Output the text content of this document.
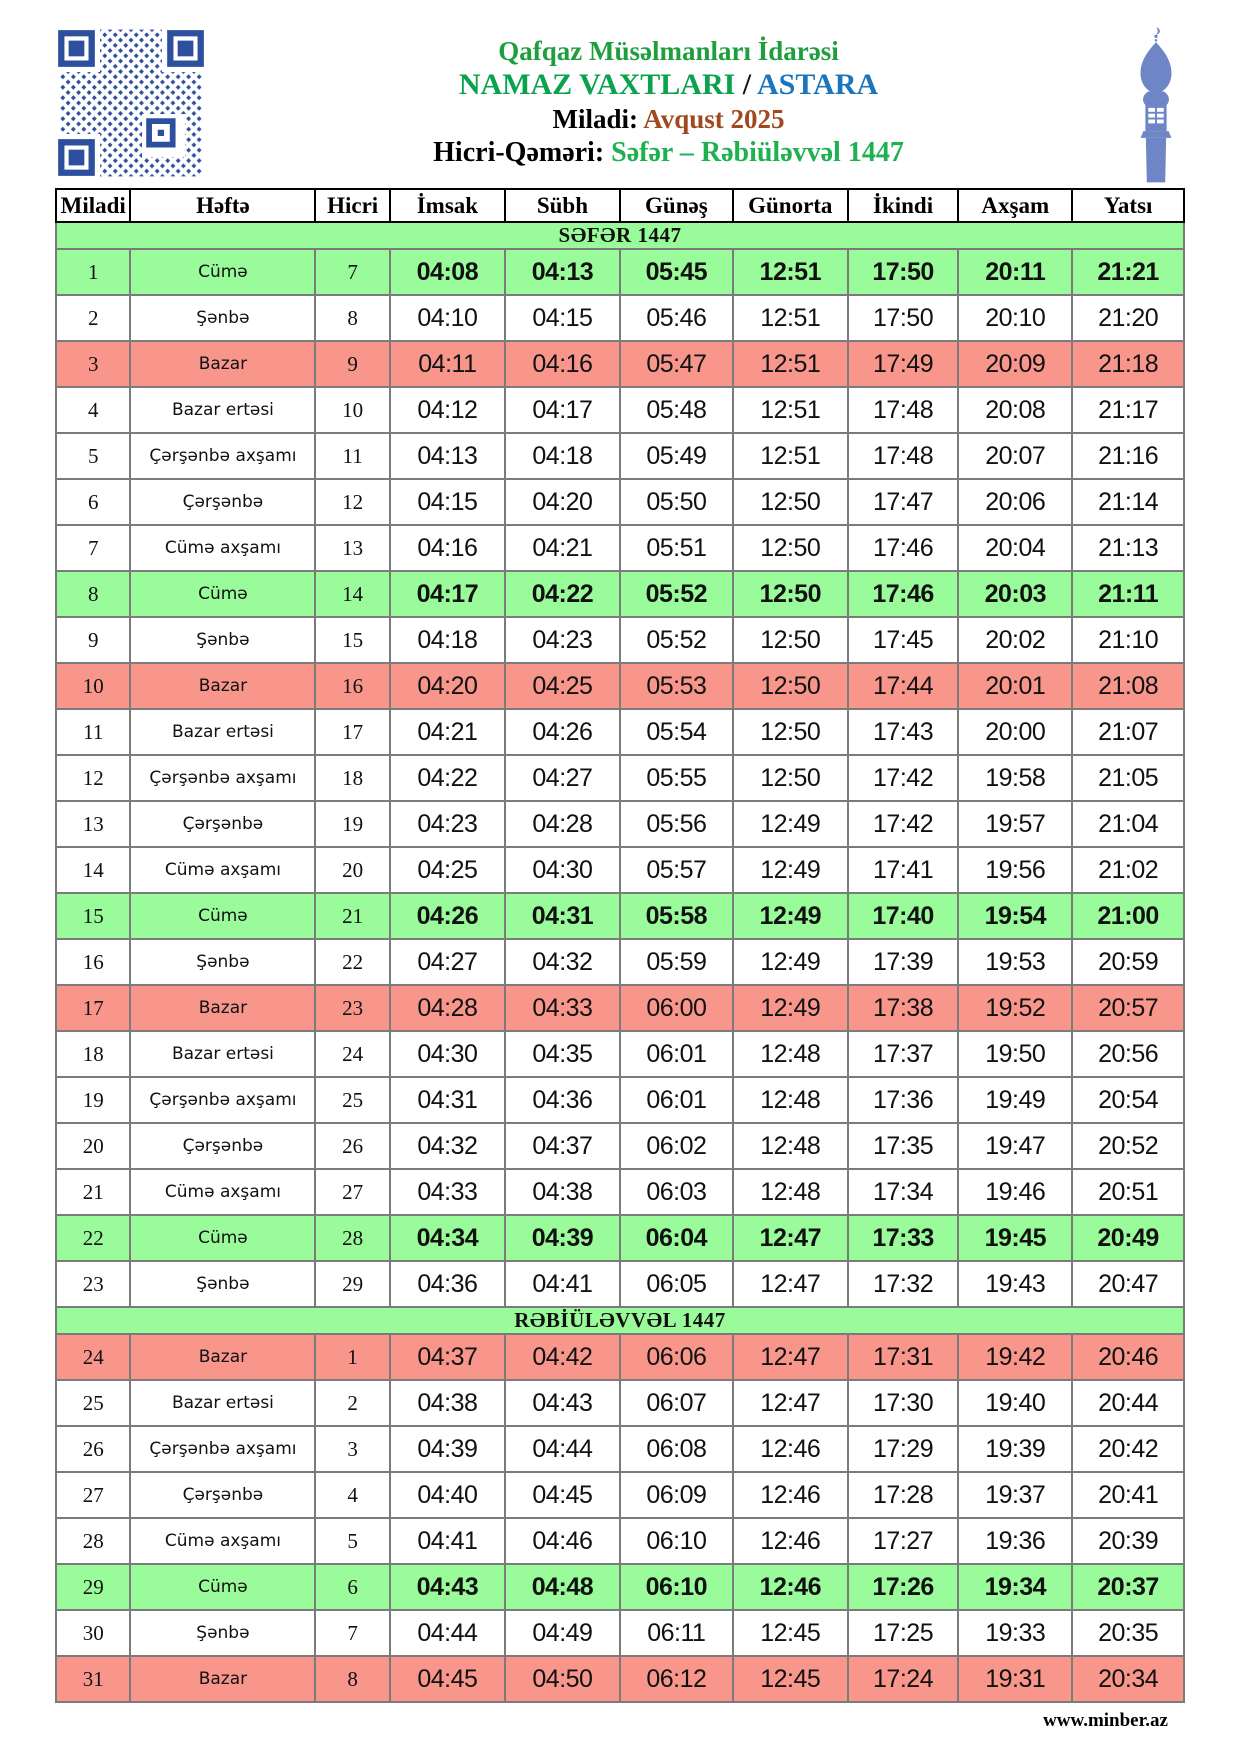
Qafqaz Müsəlmanları İdarəsi
NAMAZ VAXTLARI / ASTARA
Miladi: Avqust 2025
Hicri-Qəməri: Səfər – Rəbiüləvvəl 1447
Miladi	Həftə	Hicri	İmsak	Sübh	Günəş	Günorta	İkindi	Axşam	Yatsı
SƏFƏR 1447									
1	Cümə	7	04:08	04:13	05:45	12:51	17:50	20:11	21:21
2	Şənbə	8	04:10	04:15	05:46	12:51	17:50	20:10	21:20
3	Bazar	9	04:11	04:16	05:47	12:51	17:49	20:09	21:18
4	Bazar ertəsi	10	04:12	04:17	05:48	12:51	17:48	20:08	21:17
5	Çərşənbə axşamı	11	04:13	04:18	05:49	12:51	17:48	20:07	21:16
6	Çərşənbə	12	04:15	04:20	05:50	12:50	17:47	20:06	21:14
7	Cümə axşamı	13	04:16	04:21	05:51	12:50	17:46	20:04	21:13
8	Cümə	14	04:17	04:22	05:52	12:50	17:46	20:03	21:11
9	Şənbə	15	04:18	04:23	05:52	12:50	17:45	20:02	21:10
10	Bazar	16	04:20	04:25	05:53	12:50	17:44	20:01	21:08
11	Bazar ertəsi	17	04:21	04:26	05:54	12:50	17:43	20:00	21:07
12	Çərşənbə axşamı	18	04:22	04:27	05:55	12:50	17:42	19:58	21:05
13	Çərşənbə	19	04:23	04:28	05:56	12:49	17:42	19:57	21:04
14	Cümə axşamı	20	04:25	04:30	05:57	12:49	17:41	19:56	21:02
15	Cümə	21	04:26	04:31	05:58	12:49	17:40	19:54	21:00
16	Şənbə	22	04:27	04:32	05:59	12:49	17:39	19:53	20:59
17	Bazar	23	04:28	04:33	06:00	12:49	17:38	19:52	20:57
18	Bazar ertəsi	24	04:30	04:35	06:01	12:48	17:37	19:50	20:56
19	Çərşənbə axşamı	25	04:31	04:36	06:01	12:48	17:36	19:49	20:54
20	Çərşənbə	26	04:32	04:37	06:02	12:48	17:35	19:47	20:52
21	Cümə axşamı	27	04:33	04:38	06:03	12:48	17:34	19:46	20:51
22	Cümə	28	04:34	04:39	06:04	12:47	17:33	19:45	20:49
23	Şənbə	29	04:36	04:41	06:05	12:47	17:32	19:43	20:47
RƏBİÜLƏVVƏL 1447									
24	Bazar	1	04:37	04:42	06:06	12:47	17:31	19:42	20:46
25	Bazar ertəsi	2	04:38	04:43	06:07	12:47	17:30	19:40	20:44
26	Çərşənbə axşamı	3	04:39	04:44	06:08	12:46	17:29	19:39	20:42
27	Çərşənbə	4	04:40	04:45	06:09	12:46	17:28	19:37	20:41
28	Cümə axşamı	5	04:41	04:46	06:10	12:46	17:27	19:36	20:39
29	Cümə	6	04:43	04:48	06:10	12:46	17:26	19:34	20:37
30	Şənbə	7	04:44	04:49	06:11	12:45	17:25	19:33	20:35
31	Bazar	8	04:45	04:50	06:12	12:45	17:24	19:31	20:34
www.minber.az
